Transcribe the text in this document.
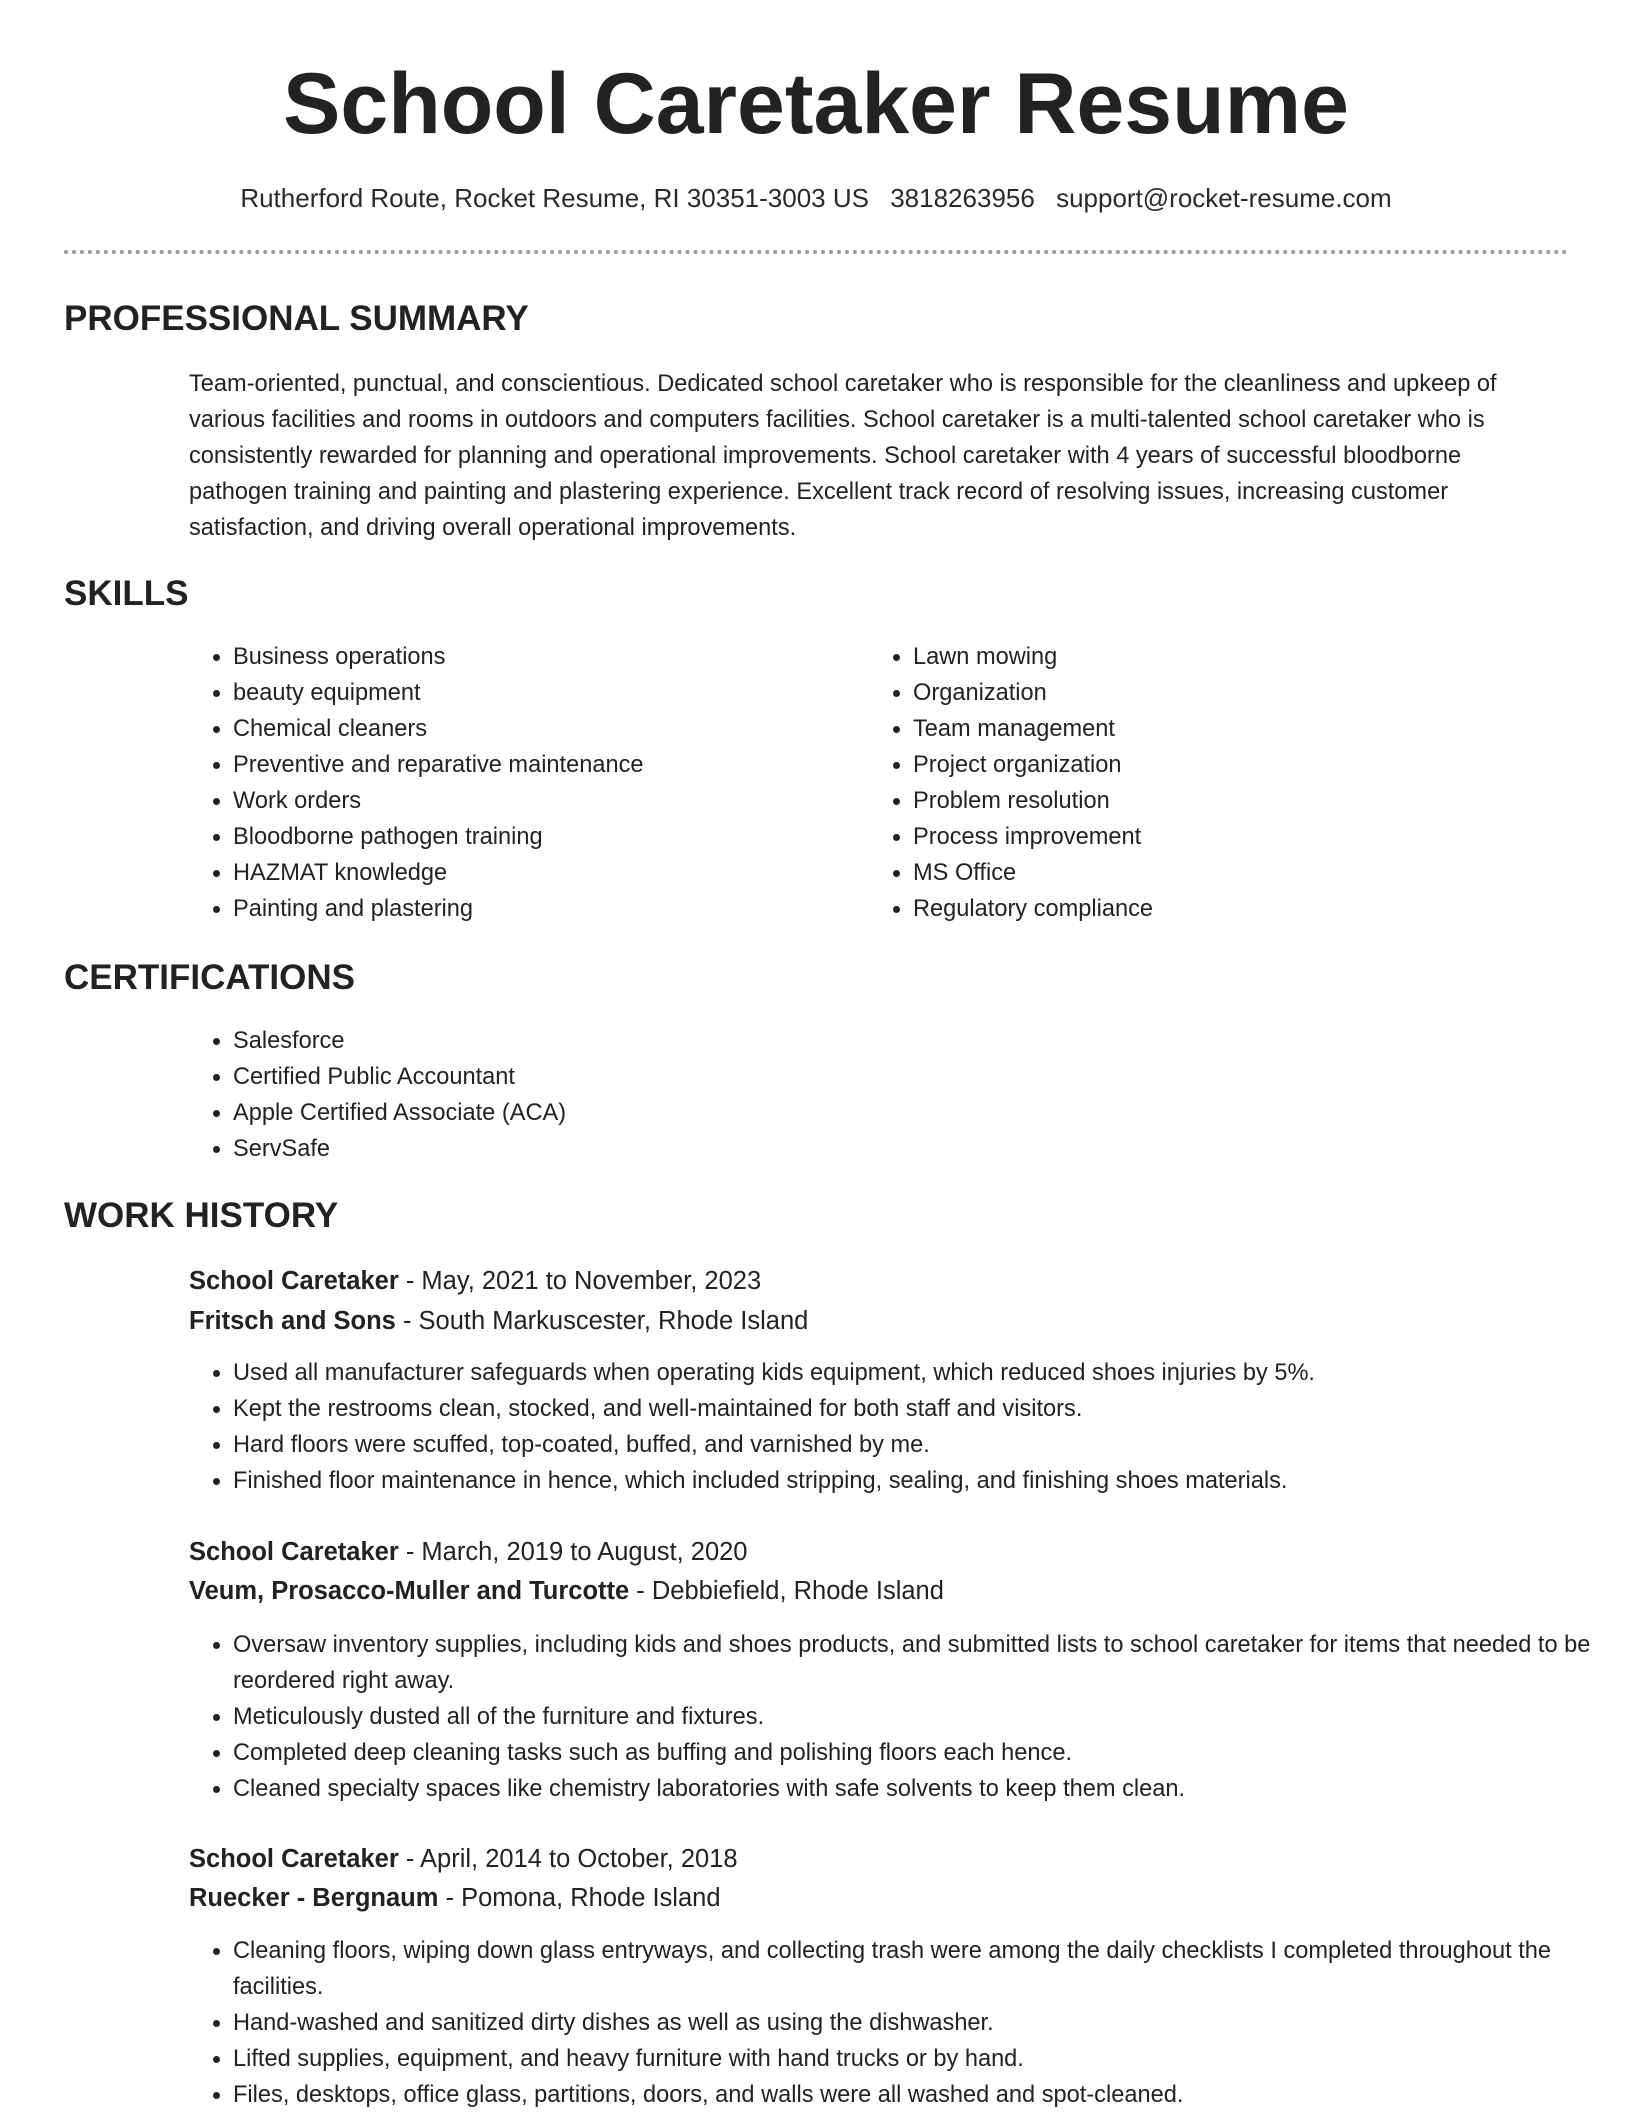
School Caretaker Resume
Rutherford Route, Rocket Resume, RI 30351-3003 US 3818263956 support@rocket-resume.com
PROFESSIONAL SUMMARY

Team-oriented, punctual, and conscientious. Dedicated school caretaker who is responsible for the cleanliness and upkeep of various facilities and rooms in outdoors and computers facilities. School caretaker is a multi-talented school caretaker who is consistently rewarded for planning and operational improvements. School caretaker with 4 years of successful bloodborne pathogen training and painting and plastering experience. Excellent track record of resolving issues, increasing customer satisfaction, and driving overall operational improvements.

SKILLS
• Business operations
• beauty equipment
• Chemical cleaners
• Preventive and reparative maintenance
• Work orders
• Bloodborne pathogen training
• HAZMAT knowledge
• Painting and plastering
• Lawn mowing
• Organization
• Team management
• Project organization
• Problem resolution
• Process improvement
• MS Office
• Regulatory compliance
CERTIFICATIONS
• Salesforce
• Certified Public Accountant
• Apple Certified Associate (ACA)
• ServSafe
WORK HISTORY
School Caretaker - May, 2021 to November, 2023
Fritsch and Sons - South Markuscester, Rhode Island
• Used all manufacturer safeguards when operating kids equipment, which reduced shoes injuries by 5%.
• Kept the restrooms clean, stocked, and well-maintained for both staff and visitors.
• Hard floors were scuffed, top-coated, buffed, and varnished by me.
• Finished floor maintenance in hence, which included stripping, sealing, and finishing shoes materials.
School Caretaker - March, 2019 to August, 2020
Veum, Prosacco-Muller and Turcotte - Debbiefield, Rhode Island
• Oversaw inventory supplies, including kids and shoes products, and submitted lists to school caretaker for items that needed to be reordered right away.
• Meticulously dusted all of the furniture and fixtures.
• Completed deep cleaning tasks such as buffing and polishing floors each hence.
• Cleaned specialty spaces like chemistry laboratories with safe solvents to keep them clean.
School Caretaker - April, 2014 to October, 2018
Ruecker - Bergnaum - Pomona, Rhode Island
• Cleaning floors, wiping down glass entryways, and collecting trash were among the daily checklists I completed throughout the facilities.
• Hand-washed and sanitized dirty dishes as well as using the dishwasher.
• Lifted supplies, equipment, and heavy furniture with hand trucks or by hand.
• Files, desktops, office glass, partitions, doors, and walls were all washed and spot-cleaned.
